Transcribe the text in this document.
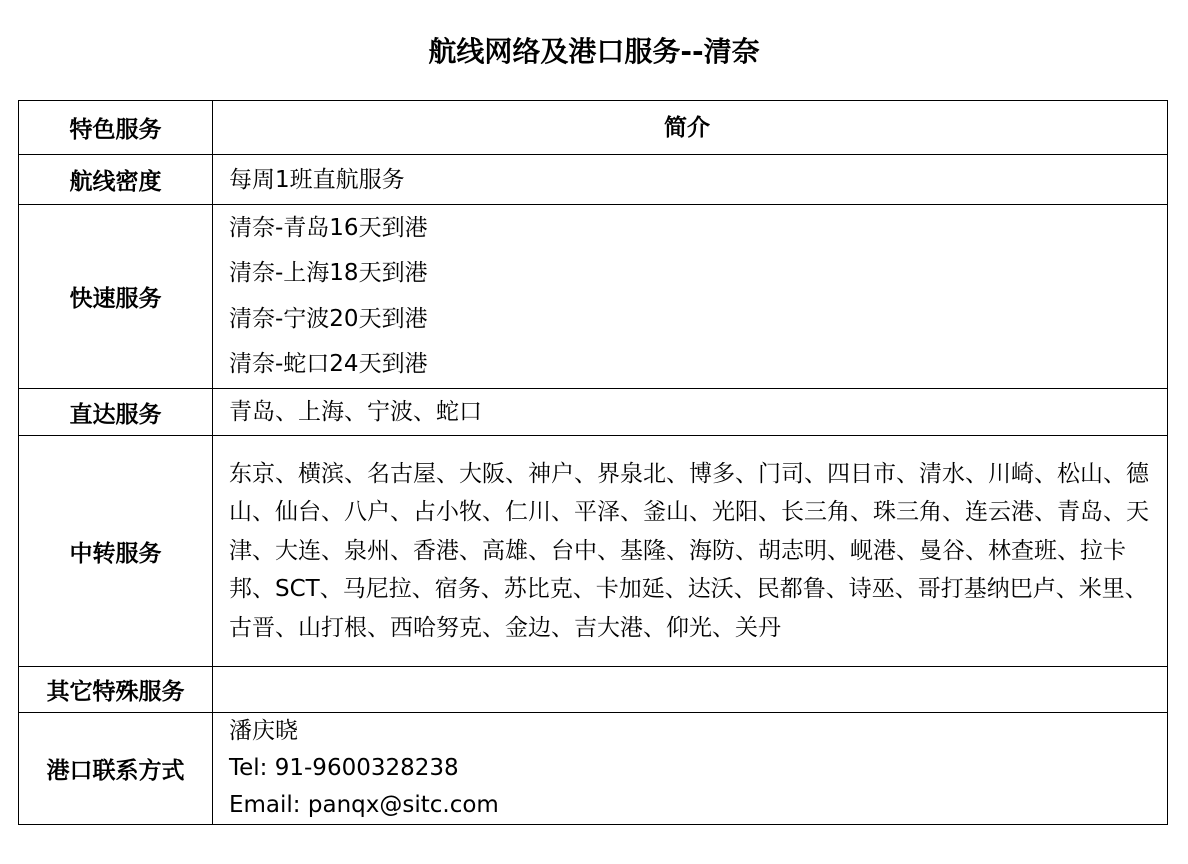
航线网络及港口服务--清奈
特色服务	简介
航线密度	每周1班直航服务

快速服务	清奈-青岛16天到港
清奈-上海18天到港
清奈-宁波20天到港
清奈-蛇口24天到港

直达服务	青岛、上海、宁波、蛇口

中转服务	东京、横滨、名古屋、大阪、神户、界泉北、博多、门司、四日市、清水、川崎、松山、德山、仙台、八户、占小牧、仁川、平泽、釜山、光阳、长三角、珠三角、连云港、青岛、天津、大连、泉州、香港、高雄、台中、基隆、海防、胡志明、岘港、曼谷、林查班、拉卡邦、SCT、马尼拉、宿务、苏比克、卡加延、达沃、民都鲁、诗巫、哥打基纳巴卢、米里、古晋、山打根、西哈努克、金边、吉大港、仰光、关丹

其它特殊服务	
港口联系方式	潘庆晓
Tel: 91-9600328238
Email: panqx@sitc.com
